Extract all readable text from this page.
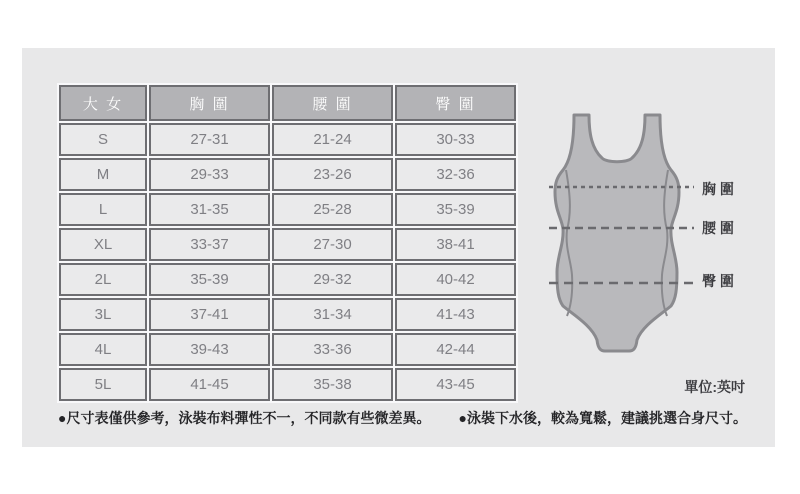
大 女	胸 圍	腰 圍	臀 圍
S	27-31	21-24	30-33
M	29-33	23-26	32-36
L	31-35	25-28	35-39
XL	33-37	27-30	38-41
2L	35-39	29-32	40-42
3L	37-41	31-34	41-43
4L	39-43	33-36	42-44
5L	41-45	35-38	43-45
胸 圍
腰 圍
臀 圍
單位:英吋
●尺寸表僅供參考，泳裝布料彈性不一，不同款有些微差異。 ●泳裝下水後，較為寬鬆，建議挑選合身尺寸。
